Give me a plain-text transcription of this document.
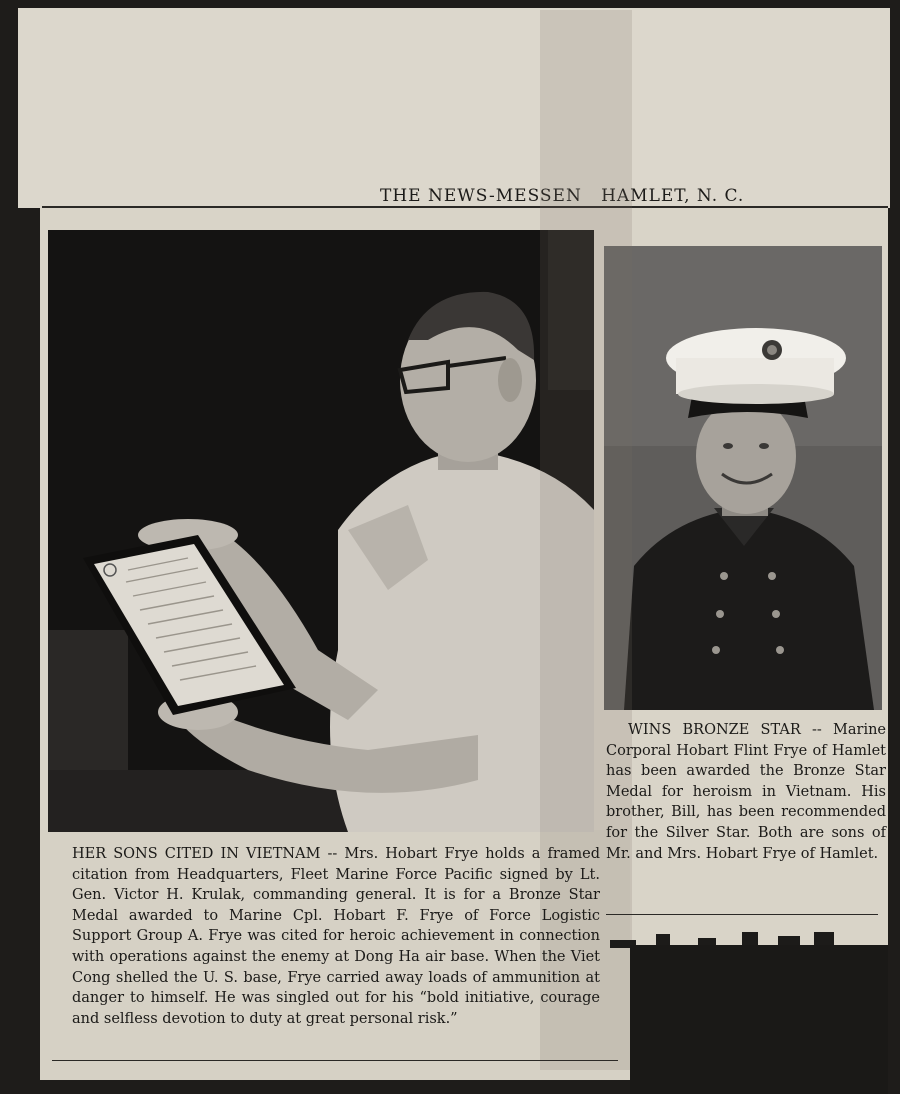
THE NEWS-MESSEN HAMLET, N. C.

HER SONS CITED IN VIETNAM -- Mrs. Hobart Frye holds a framed citation from Headquarters, Fleet Marine Force Pacific signed by Lt. Gen. Victor H. Krulak, commanding general. It is for a Bronze Star Medal awarded to Marine Cpl. Hobart F. Frye of Force Logistic Support Group A. Frye was cited for heroic achievement in connection with operations against the enemy at Dong Ha air base. When the Viet Cong shelled the U. S. base, Frye carried away loads of ammunition at danger to himself. He was singled out for his “bold initiative, courage and selfless devotion to duty at great personal risk.”

WINS BRONZE STAR -- Marine Corporal Hobart Flint Frye of Hamlet has been awarded the Bronze Star Medal for heroism in Vietnam. His brother, Bill, has been recommended for the Silver Star. Both are sons of Mr. and Mrs. Hobart Frye of Hamlet.
